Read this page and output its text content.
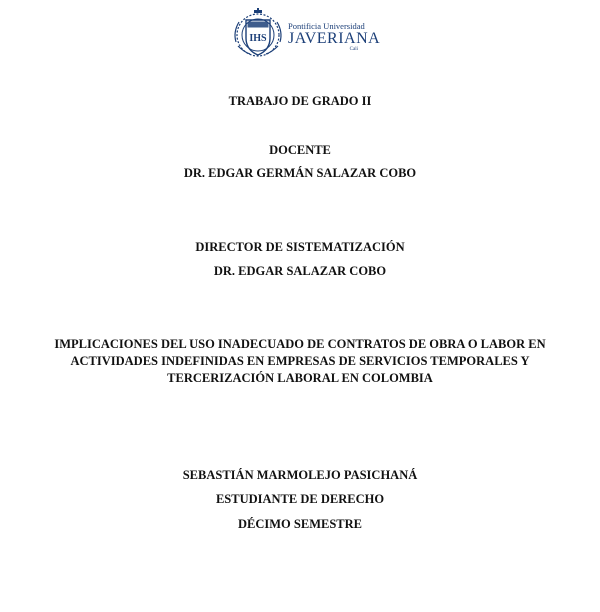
IHS
Pontificia Universidad
JAVERIANA
Cali
TRABAJO DE GRADO II
DOCENTE
DR. EDGAR GERMÁN SALAZAR COBO
DIRECTOR DE SISTEMATIZACIÓN
DR. EDGAR SALAZAR COBO
IMPLICACIONES DEL USO INADECUADO DE CONTRATOS DE OBRA O LABOR EN ACTIVIDADES INDEFINIDAS EN EMPRESAS DE SERVICIOS TEMPORALES Y TERCERIZACIÓN LABORAL EN COLOMBIA
SEBASTIÁN MARMOLEJO PASICHANÁ
ESTUDIANTE DE DERECHO
DÉCIMO SEMESTRE
